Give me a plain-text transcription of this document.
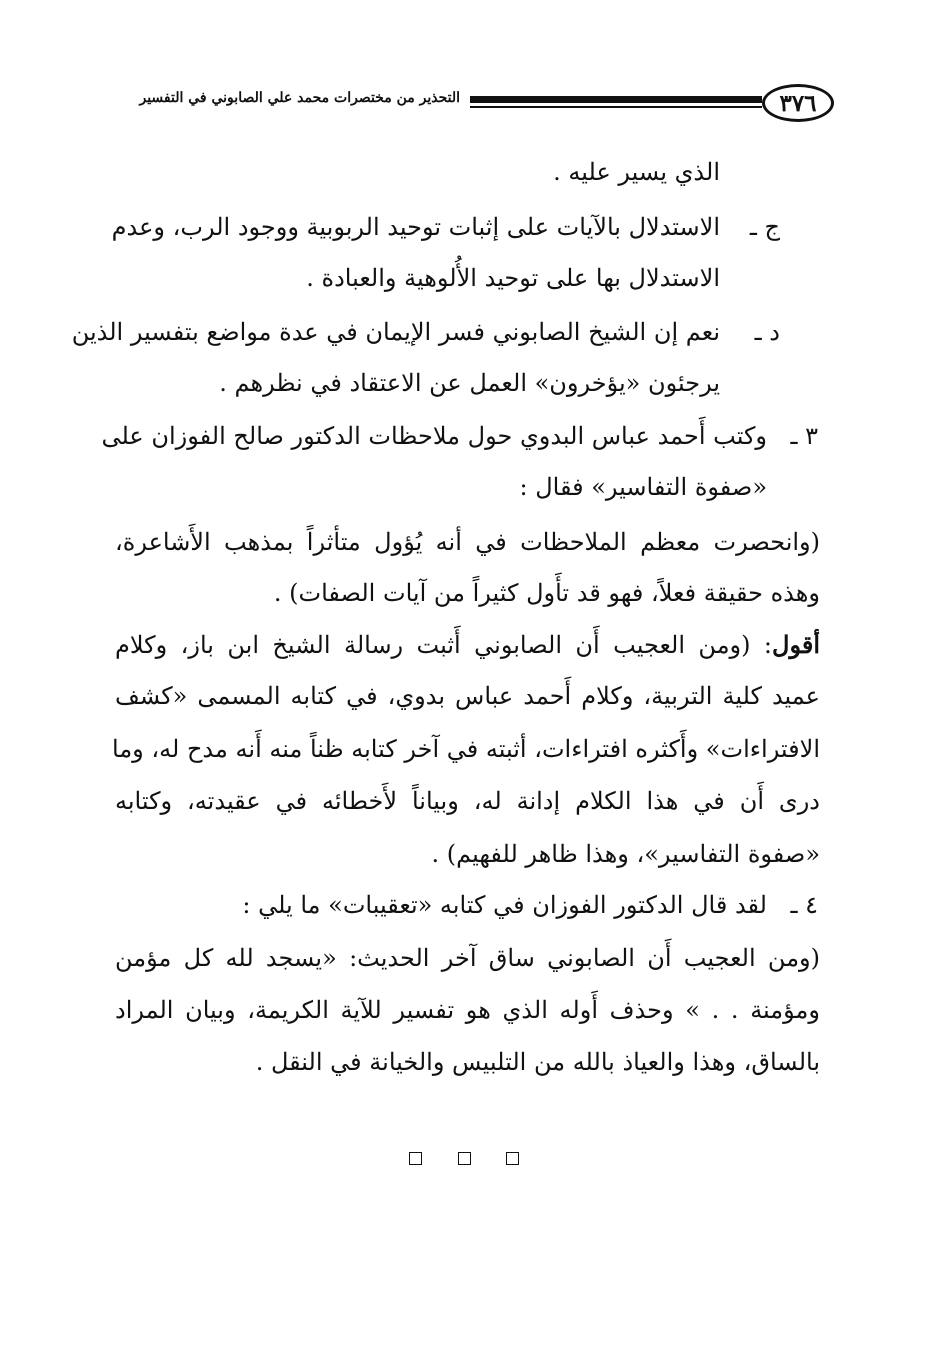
٣٧٦
التحذير من مختصرات محمد علي الصابوني في التفسير
الذي يسير عليه .
ج ـ
الاستدلال بالآيات على إثبات توحيد الربوبية ووجود الرب، وعدم
الاستدلال بها على توحيد الأُلوهية والعبادة .
د ـ
نعم إن الشيخ الصابوني فسر الإيمان في عدة مواضع بتفسير الذين
يرجئون «يؤخرون» العمل عن الاعتقاد في نظرهم .
٣ ـ
وكتب أَحمد عباس البدوي حول ملاحظات الدكتور صالح الفوزان على
«صفوة التفاسير» فقال :
(وانحصرت معظم الملاحظات في أنه يُؤول متأثراً بمذهب الأَشاعرة،
وهذه حقيقة فعلاً، فهو قد تأَول كثيراً من آيات الصفات) .
أقول
: (ومن العجيب أَن الصابوني أَثبت رسالة الشيخ ابن باز، وكلام
عميد كلية التربية، وكلام أَحمد عباس بدوي، في كتابه المسمى «كشف
الافتراءات» وأَكثره افتراءات، أثبته في آخر كتابه ظناً منه أَنه مدح له، وما
درى أَن في هذا الكلام إدانة له، وبياناً لأَخطائه في عقيدته، وكتابه
«صفوة التفاسير»، وهذا ظاهر للفهيم) .
٤ ـ
لقد قال الدكتور الفوزان في كتابه «تعقيبات» ما يلي :
(ومن العجيب أَن الصابوني ساق آخر الحديث: «يسجد لله كل مؤمن
ومؤمنة . . » وحذف أَوله الذي هو تفسير للآية الكريمة، وبيان المراد
بالساق، وهذا والعياذ بالله من التلبيس والخيانة في النقل .
